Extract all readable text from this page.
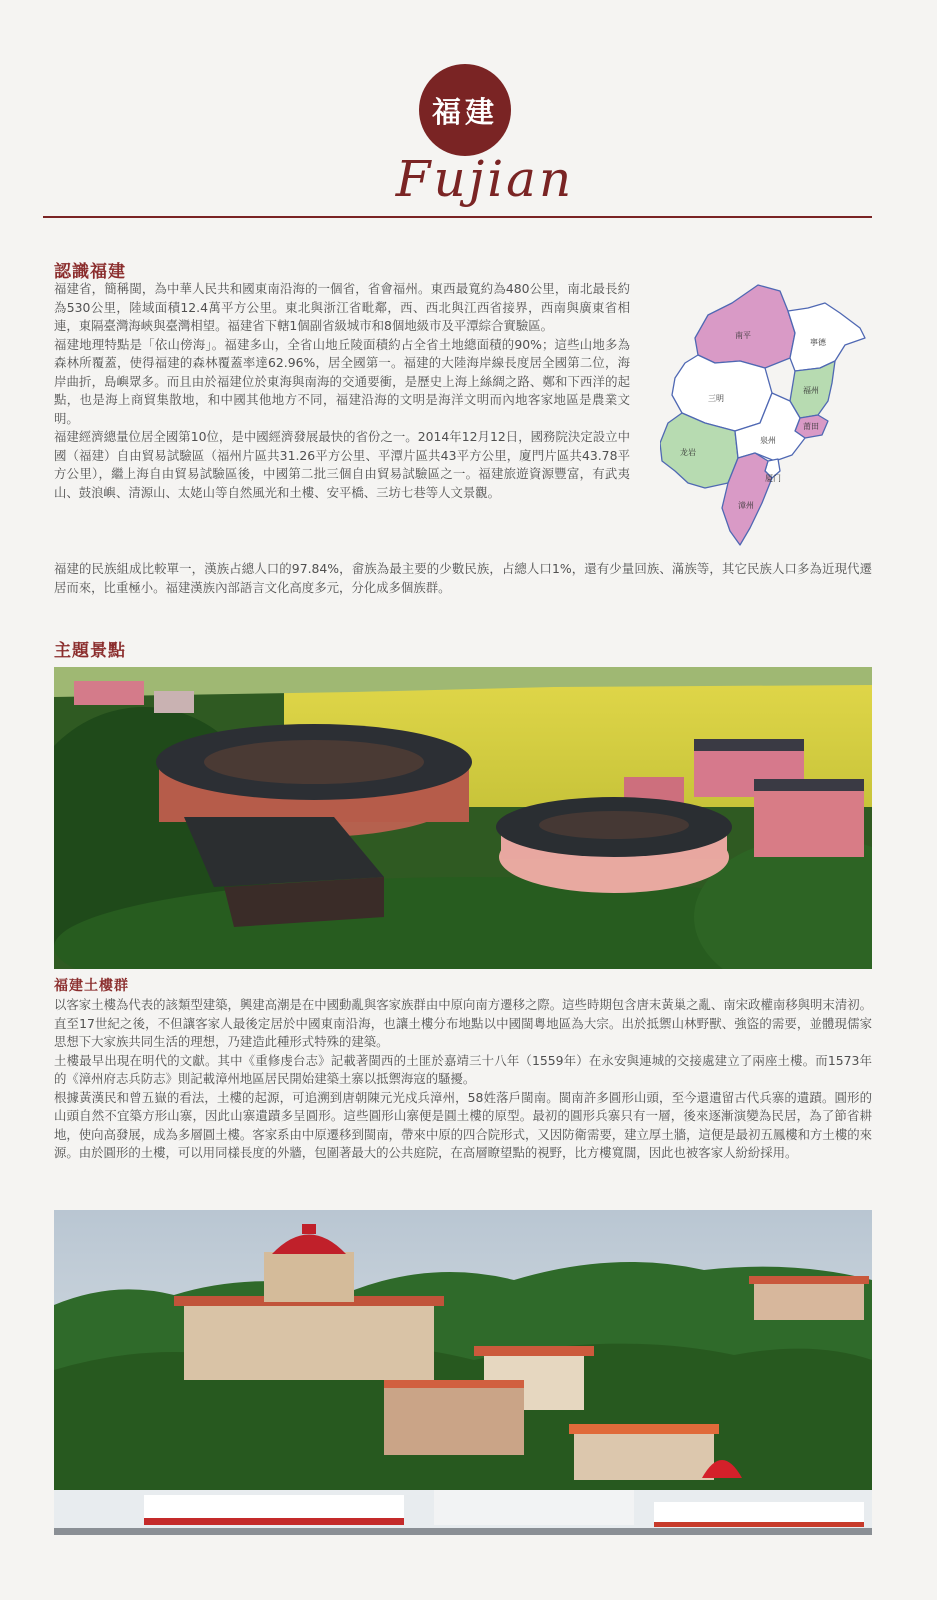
福建
Fujian
認識福建

福建省，簡稱閩，為中華人民共和國東南沿海的一個省，省會福州。東西最寬約為480公里，南北最長約為530公里，陸域面積12.4萬平方公里。東北與浙江省毗鄰，西、西北與江西省接界，西南與廣東省相連，東隔臺灣海峽與臺灣相望。福建省下轄1個副省級城市和8個地級市及平潭綜合實驗區。

福建地理特點是「依山傍海」。福建多山，全省山地丘陵面積約占全省土地總面積的90%；這些山地多為森林所覆蓋，使得福建的森林覆蓋率達62.96%，居全國第一。福建的大陸海岸線長度居全國第二位，海岸曲折，島嶼眾多。而且由於福建位於東海與南海的交通要衝，是歷史上海上絲綢之路、鄭和下西洋的起點，也是海上商貿集散地，和中國其他地方不同，福建沿海的文明是海洋文明而內地客家地區是農業文明。

福建經濟總量位居全國第10位，是中國經濟發展最快的省份之一。2014年12月12日，國務院決定設立中國（福建）自由貿易試驗區（福州片區共31.26平方公里、平潭片區共43平方公里，廈門片區共43.78平方公里），繼上海自由貿易試驗區後，中國第二批三個自由貿易試驗區之一。福建旅遊資源豐富，有武夷山、鼓浪嶼、清源山、太姥山等自然風光和土樓、安平橋、三坊七巷等人文景觀。

福建的民族組成比較單一，漢族占總人口的97.84%，畲族為最主要的少數民族，占總人口1%，還有少量回族、滿族等，其它民族人口多為近現代遷居而來，比重極小。福建漢族內部語言文化高度多元，分化成多個族群。

南平
寧德
三明
福州
莆田
龙岩
泉州
厦门
漳州
主題景點
福建土樓群

以客家土樓為代表的該類型建築，興建高潮是在中國動亂與客家族群由中原向南方遷移之際。這些時期包含唐末黃巢之亂、南宋政權南移與明末清初。直至17世紀之後，不但讓客家人最後定居於中國東南沿海，也讓土樓分布地點以中國閩粵地區為大宗。出於抵禦山林野獸、強盜的需要，並體現儒家思想下大家族共同生活的理想，乃建造此種形式特殊的建築。

土樓最早出現在明代的文獻。其中《重修虔台志》記載著閩西的土匪於嘉靖三十八年（1559年）在永安與連城的交接處建立了兩座土樓。而1573年的《漳州府志兵防志》則記載漳州地區居民開始建築土寨以抵禦海寇的騷擾。

根據黃漢民和曾五嶽的看法，土樓的起源，可追溯到唐朝陳元光戍兵漳州，58姓落戶閩南。閩南許多圓形山頭，至今還遺留古代兵寨的遺蹟。圓形的山頭自然不宜築方形山寨，因此山寨遺蹟多呈圓形。這些圓形山寨便是圓土樓的原型。最初的圓形兵寨只有一層，後來逐漸演變為民居，為了節省耕地，使向高發展，成為多層圓土樓。客家系由中原遷移到閩南，帶來中原的四合院形式，又因防衛需要，建立厚土牆，這便是最初五鳳樓和方土樓的來源。由於圓形的土樓，可以用同樣長度的外牆，包圍著最大的公共庭院，在高層瞭望點的視野，比方樓寬闊，因此也被客家人紛紛採用。
